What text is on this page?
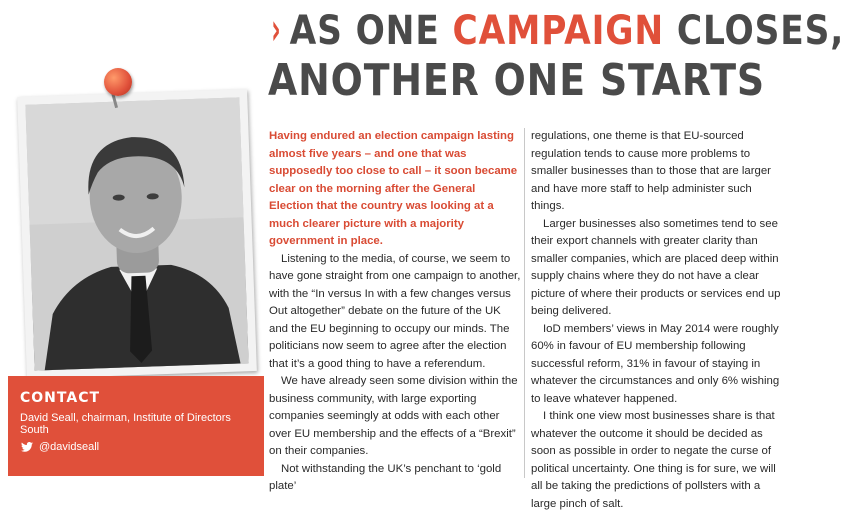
› AS ONE CAMPAIGN CLOSES,
ANOTHER ONE STARTS
CONTACT
David Seall, chairman, Institute of Directors South
@davidseall

Having endured an election campaign lasting almost five years – and one that was supposedly too close to call – it soon became clear on the morning after the General Election that the country was looking at a much clearer picture with a majority government in place.

Listening to the media, of course, we seem to have gone straight from one campaign to another, with the “In versus In with a few changes versus Out altogether” debate on the future of the UK and the EU beginning to occupy our minds. The politicians now seem to agree after the election that it’s a good thing to have a referendum.

We have already seen some division within the business community, with large exporting companies seemingly at odds with each other over EU membership and the effects of a “Brexit” on their companies.

Not withstanding the UK’s penchant to ‘gold plate’

regulations, one theme is that EU-sourced regulation tends to cause more problems to smaller businesses than to those that are larger and have more staff to help administer such things.

Larger businesses also sometimes tend to see their export channels with greater clarity than smaller companies, which are placed deep within supply chains where they do not have a clear picture of where their products or services end up being delivered.

IoD members’ views in May 2014 were roughly 60% in favour of EU membership following successful reform, 31% in favour of staying in whatever the circumstances and only 6% wishing to leave whatever happened.

I think one view most businesses share is that whatever the outcome it should be decided as soon as possible in order to negate the curse of political uncertainty. One thing is for sure, we will all be taking the predictions of pollsters with a large pinch of salt.
